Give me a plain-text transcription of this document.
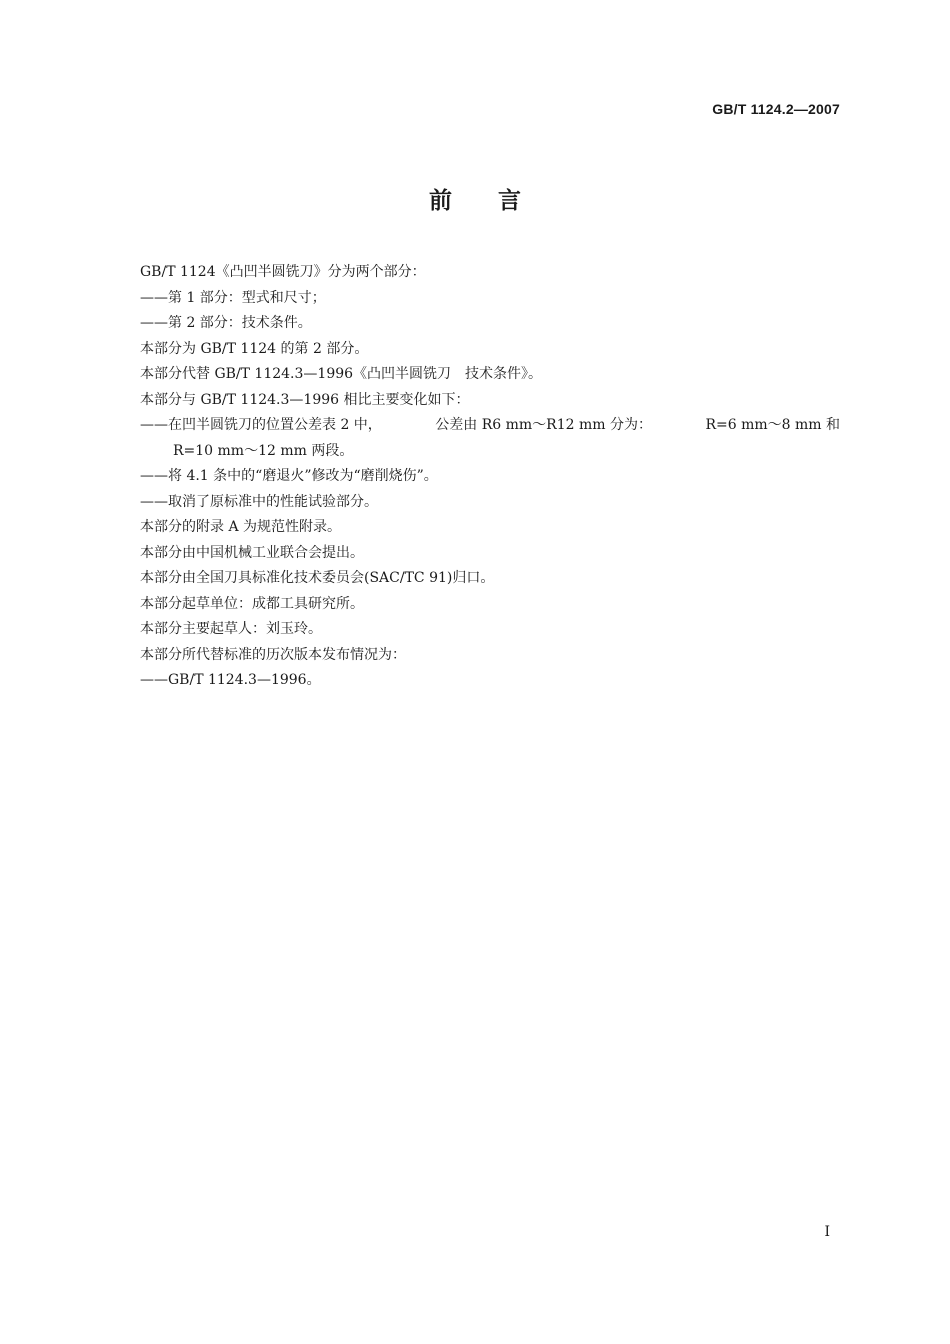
GB/T 1124.2—2007
前　　言
GB/T 1124《凸凹半圆铣刀》分为两个部分：
——第 1 部分：型式和尺寸；
——第 2 部分：技术条件。
本部分为 GB/T 1124 的第 2 部分。
本部分代替 GB/T 1124.3—1996《凸凹半圆铣刀　技术条件》。
本部分与 GB/T 1124.3—1996 相比主要变化如下：
——在凹半圆铣刀的位置公差表 2 中，	公差由 R6 mm～R12 mm 分为：	R=6 mm～8 mm 和
R=10 mm～12 mm 两段。
——将 4.1 条中的“磨退火”修改为“磨削烧伤”。
——取消了原标准中的性能试验部分。
本部分的附录 A 为规范性附录。
本部分由中国机械工业联合会提出。
本部分由全国刀具标准化技术委员会(SAC/TC 91)归口。
本部分起草单位：成都工具研究所。
本部分主要起草人：刘玉玲。
本部分所代替标准的历次版本发布情况为：
——GB/T 1124.3—1996。
I
